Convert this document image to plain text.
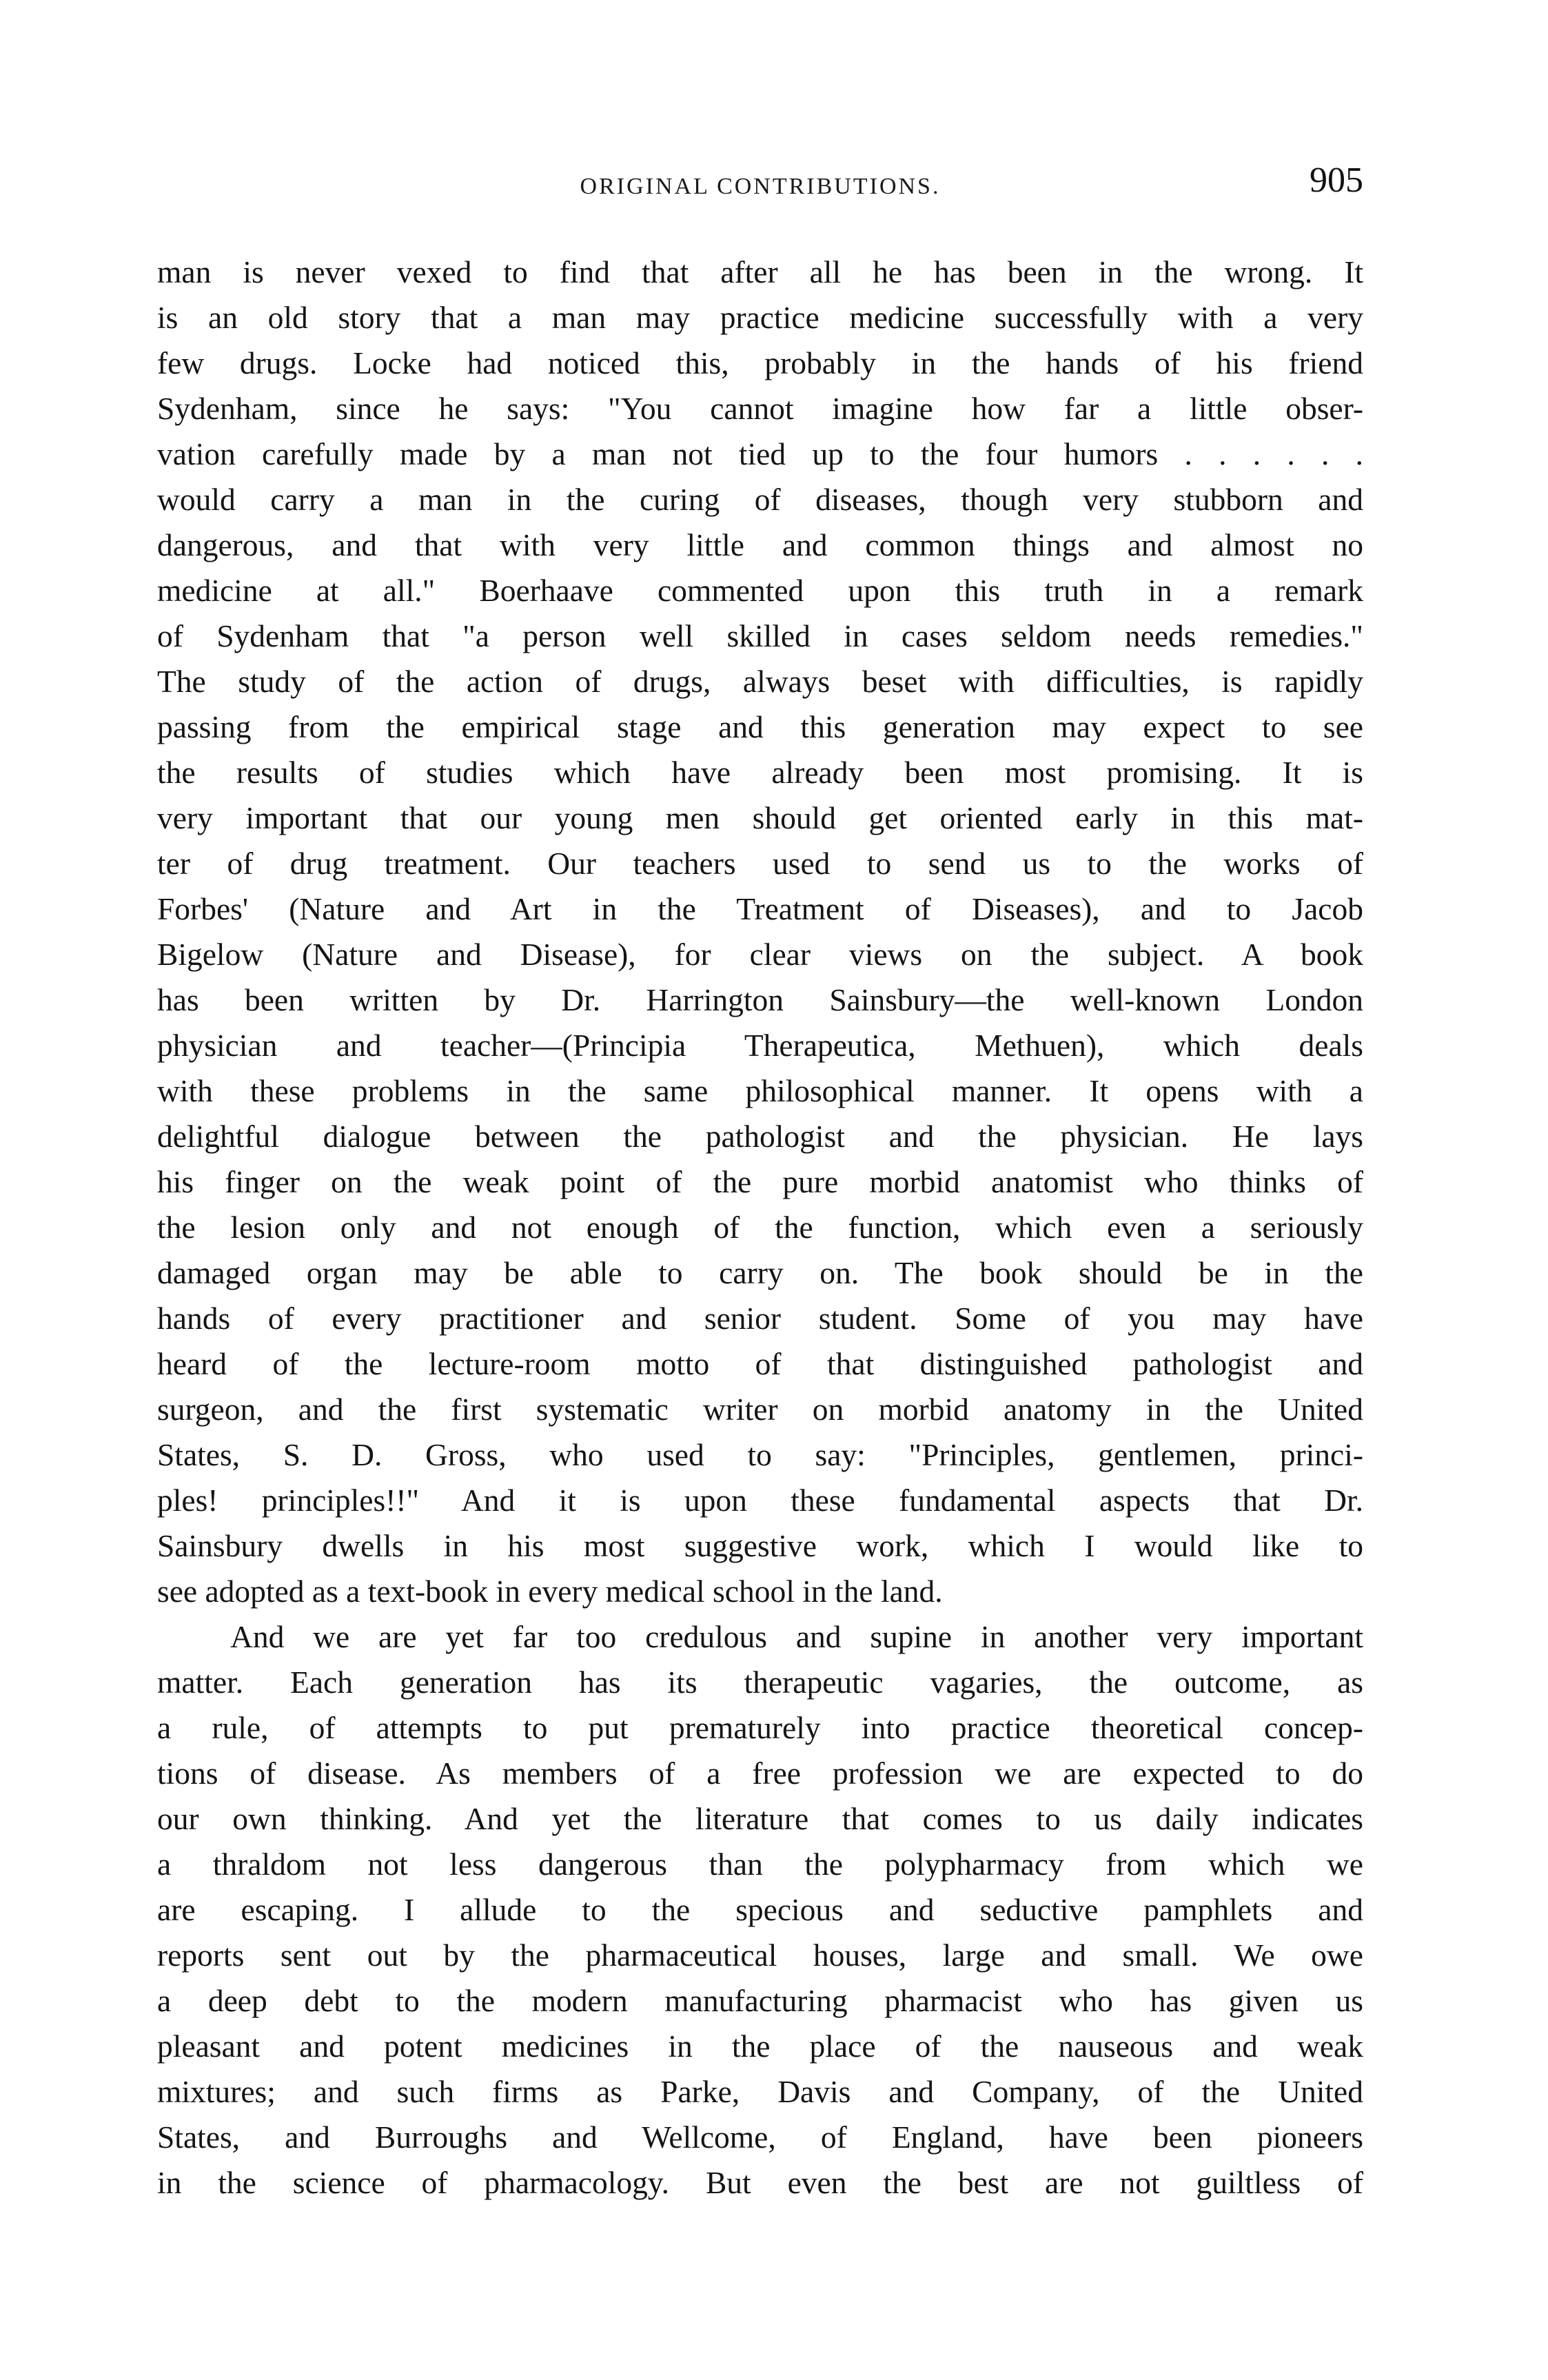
ORIGINAL CONTRIBUTIONS.	905
man is never vexed to find that after all he has been in the wrong. It
is an old story that a man may practice medicine successfully with a very
few drugs. Locke had noticed this, probably in the hands of his friend
Sydenham, since he says: "You cannot imagine how far a little obser-
vation carefully made by a man not tied up to the four humors . . . . . .
would carry a man in the curing of diseases, though very stubborn and
dangerous, and that with very little and common things and almost no
medicine at all." Boerhaave commented upon this truth in a remark
of Sydenham that "a person well skilled in cases seldom needs remedies."
The study of the action of drugs, always beset with difficulties, is rapidly
passing from the empirical stage and this generation may expect to see
the results of studies which have already been most promising. It is
very important that our young men should get oriented early in this mat-
ter of drug treatment. Our teachers used to send us to the works of
Forbes' (Nature and Art in the Treatment of Diseases), and to Jacob
Bigelow (Nature and Disease), for clear views on the subject. A book
has been written by Dr. Harrington Sainsbury—the well-known London
physician and teacher—(Principia Therapeutica, Methuen), which deals
with these problems in the same philosophical manner. It opens with a
delightful dialogue between the pathologist and the physician. He lays
his finger on the weak point of the pure morbid anatomist who thinks of
the lesion only and not enough of the function, which even a seriously
damaged organ may be able to carry on. The book should be in the
hands of every practitioner and senior student. Some of you may have
heard of the lecture-room motto of that distinguished pathologist and
surgeon, and the first systematic writer on morbid anatomy in the United
States, S. D. Gross, who used to say: "Principles, gentlemen, princi-
ples! principles!!" And it is upon these fundamental aspects that Dr.
Sainsbury dwells in his most suggestive work, which I would like to
see adopted as a text-book in every medical school in the land.
And we are yet far too credulous and supine in another very important
matter. Each generation has its therapeutic vagaries, the outcome, as
a rule, of attempts to put prematurely into practice theoretical concep-
tions of disease. As members of a free profession we are expected to do
our own thinking. And yet the literature that comes to us daily indicates
a thraldom not less dangerous than the polypharmacy from which we
are escaping. I allude to the specious and seductive pamphlets and
reports sent out by the pharmaceutical houses, large and small. We owe
a deep debt to the modern manufacturing pharmacist who has given us
pleasant and potent medicines in the place of the nauseous and weak
mixtures; and such firms as Parke, Davis and Company, of the United
States, and Burroughs and Wellcome, of England, have been pioneers
in the science of pharmacology. But even the best are not guiltless of
